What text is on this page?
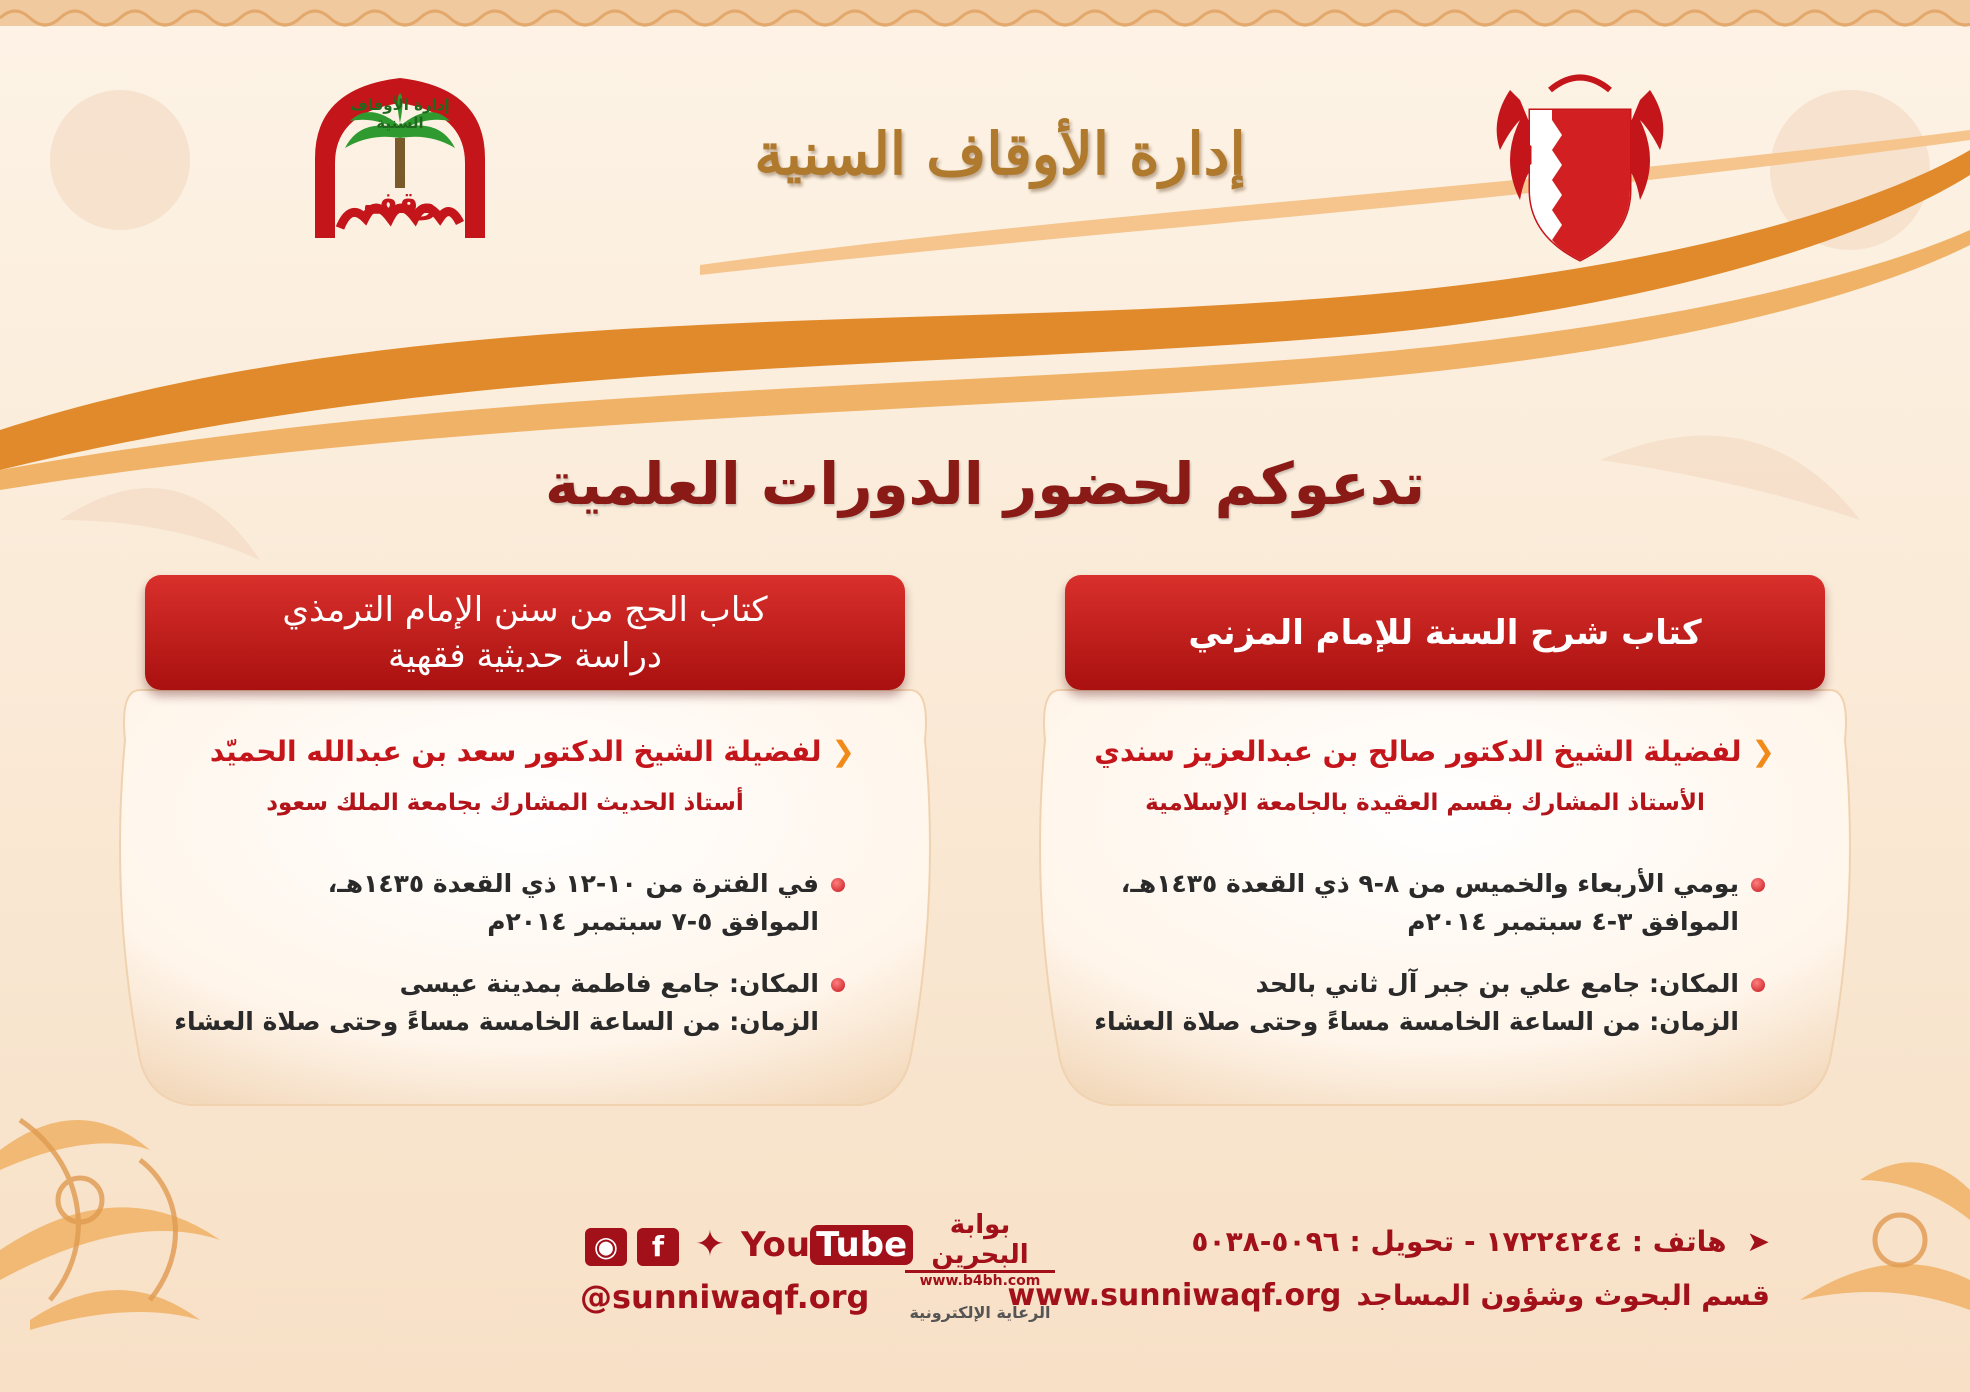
إدارة الأوقاف السنية
إدارة الأوقاف السنية
وقف
تدعوكم لحضور الدورات العلمية
كتاب شرح السنة للإمام المزني
❮لفضيلة الشيخ الدكتور صالح بن عبدالعزيز سندي
الأستاذ المشارك بقسم العقيدة بالجامعة الإسلامية
يومي الأربعاء والخميس من ٨-٩ ذي القعدة ١٤٣٥هـ،
الموافق ٣-٤ سبتمبر ٢٠١٤م
المكان: جامع علي بن جبر آل ثاني بالحد
الزمان: من الساعة الخامسة مساءً وحتى صلاة العشاء
كتاب الحج من سنن الإمام الترمذي
دراسة حديثية فقهية
❮لفضيلة الشيخ الدكتور سعد بن عبدالله الحميّد
أستاذ الحديث المشارك بجامعة الملك سعود
في الفترة من ١٠-١٢ ذي القعدة ١٤٣٥هـ،
الموافق ٥-٧ سبتمبر ٢٠١٤م
المكان: جامع فاطمة بمدينة عيسى
الزمان: من الساعة الخامسة مساءً وحتى صلاة العشاء
➤هاتف : ١٧٢٢٤٢٤٤ - تحويل : ٥٠٩٦-٥٠٣٨
قسم البحوث وشؤون المساجد www.sunniwaqf.org
بوابة البحرين
www.b4bh.com
الرعاية الإلكترونية
◉ f ✦ You Tube
@sunniwaqf.org
